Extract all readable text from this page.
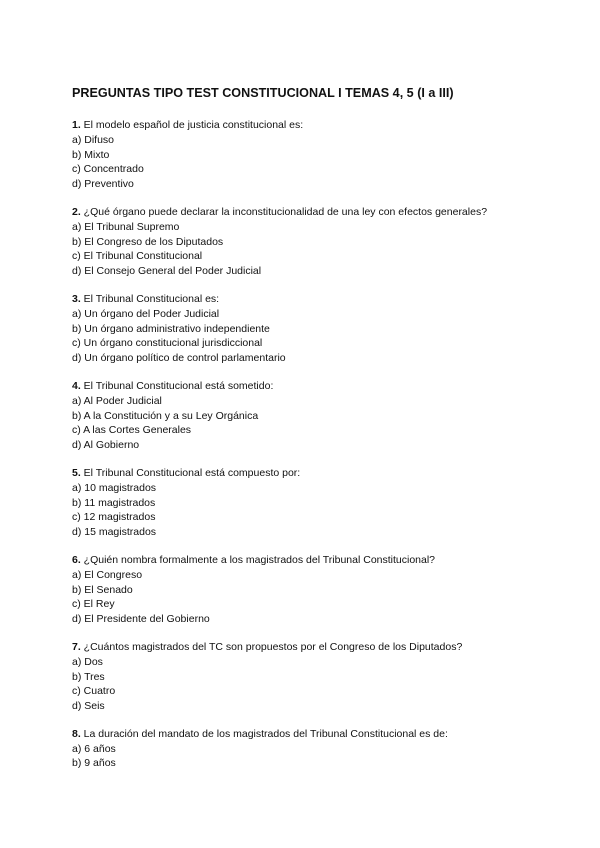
PREGUNTAS TIPO TEST CONSTITUCIONAL I TEMAS 4, 5 (I a III)
1. El modelo español de justicia constitucional es:
a) Difuso
b) Mixto
c) Concentrado
d) Preventivo
2. ¿Qué órgano puede declarar la inconstitucionalidad de una ley con efectos generales?
a) El Tribunal Supremo
b) El Congreso de los Diputados
c) El Tribunal Constitucional
d) El Consejo General del Poder Judicial
3. El Tribunal Constitucional es:
a) Un órgano del Poder Judicial
b) Un órgano administrativo independiente
c) Un órgano constitucional jurisdiccional
d) Un órgano político de control parlamentario
4. El Tribunal Constitucional está sometido:
a) Al Poder Judicial
b) A la Constitución y a su Ley Orgánica
c) A las Cortes Generales
d) Al Gobierno
5. El Tribunal Constitucional está compuesto por:
a) 10 magistrados
b) 11 magistrados
c) 12 magistrados
d) 15 magistrados
6. ¿Quién nombra formalmente a los magistrados del Tribunal Constitucional?
a) El Congreso
b) El Senado
c) El Rey
d) El Presidente del Gobierno
7. ¿Cuántos magistrados del TC son propuestos por el Congreso de los Diputados?
a) Dos
b) Tres
c) Cuatro
d) Seis
8. La duración del mandato de los magistrados del Tribunal Constitucional es de:
a) 6 años
b) 9 años
